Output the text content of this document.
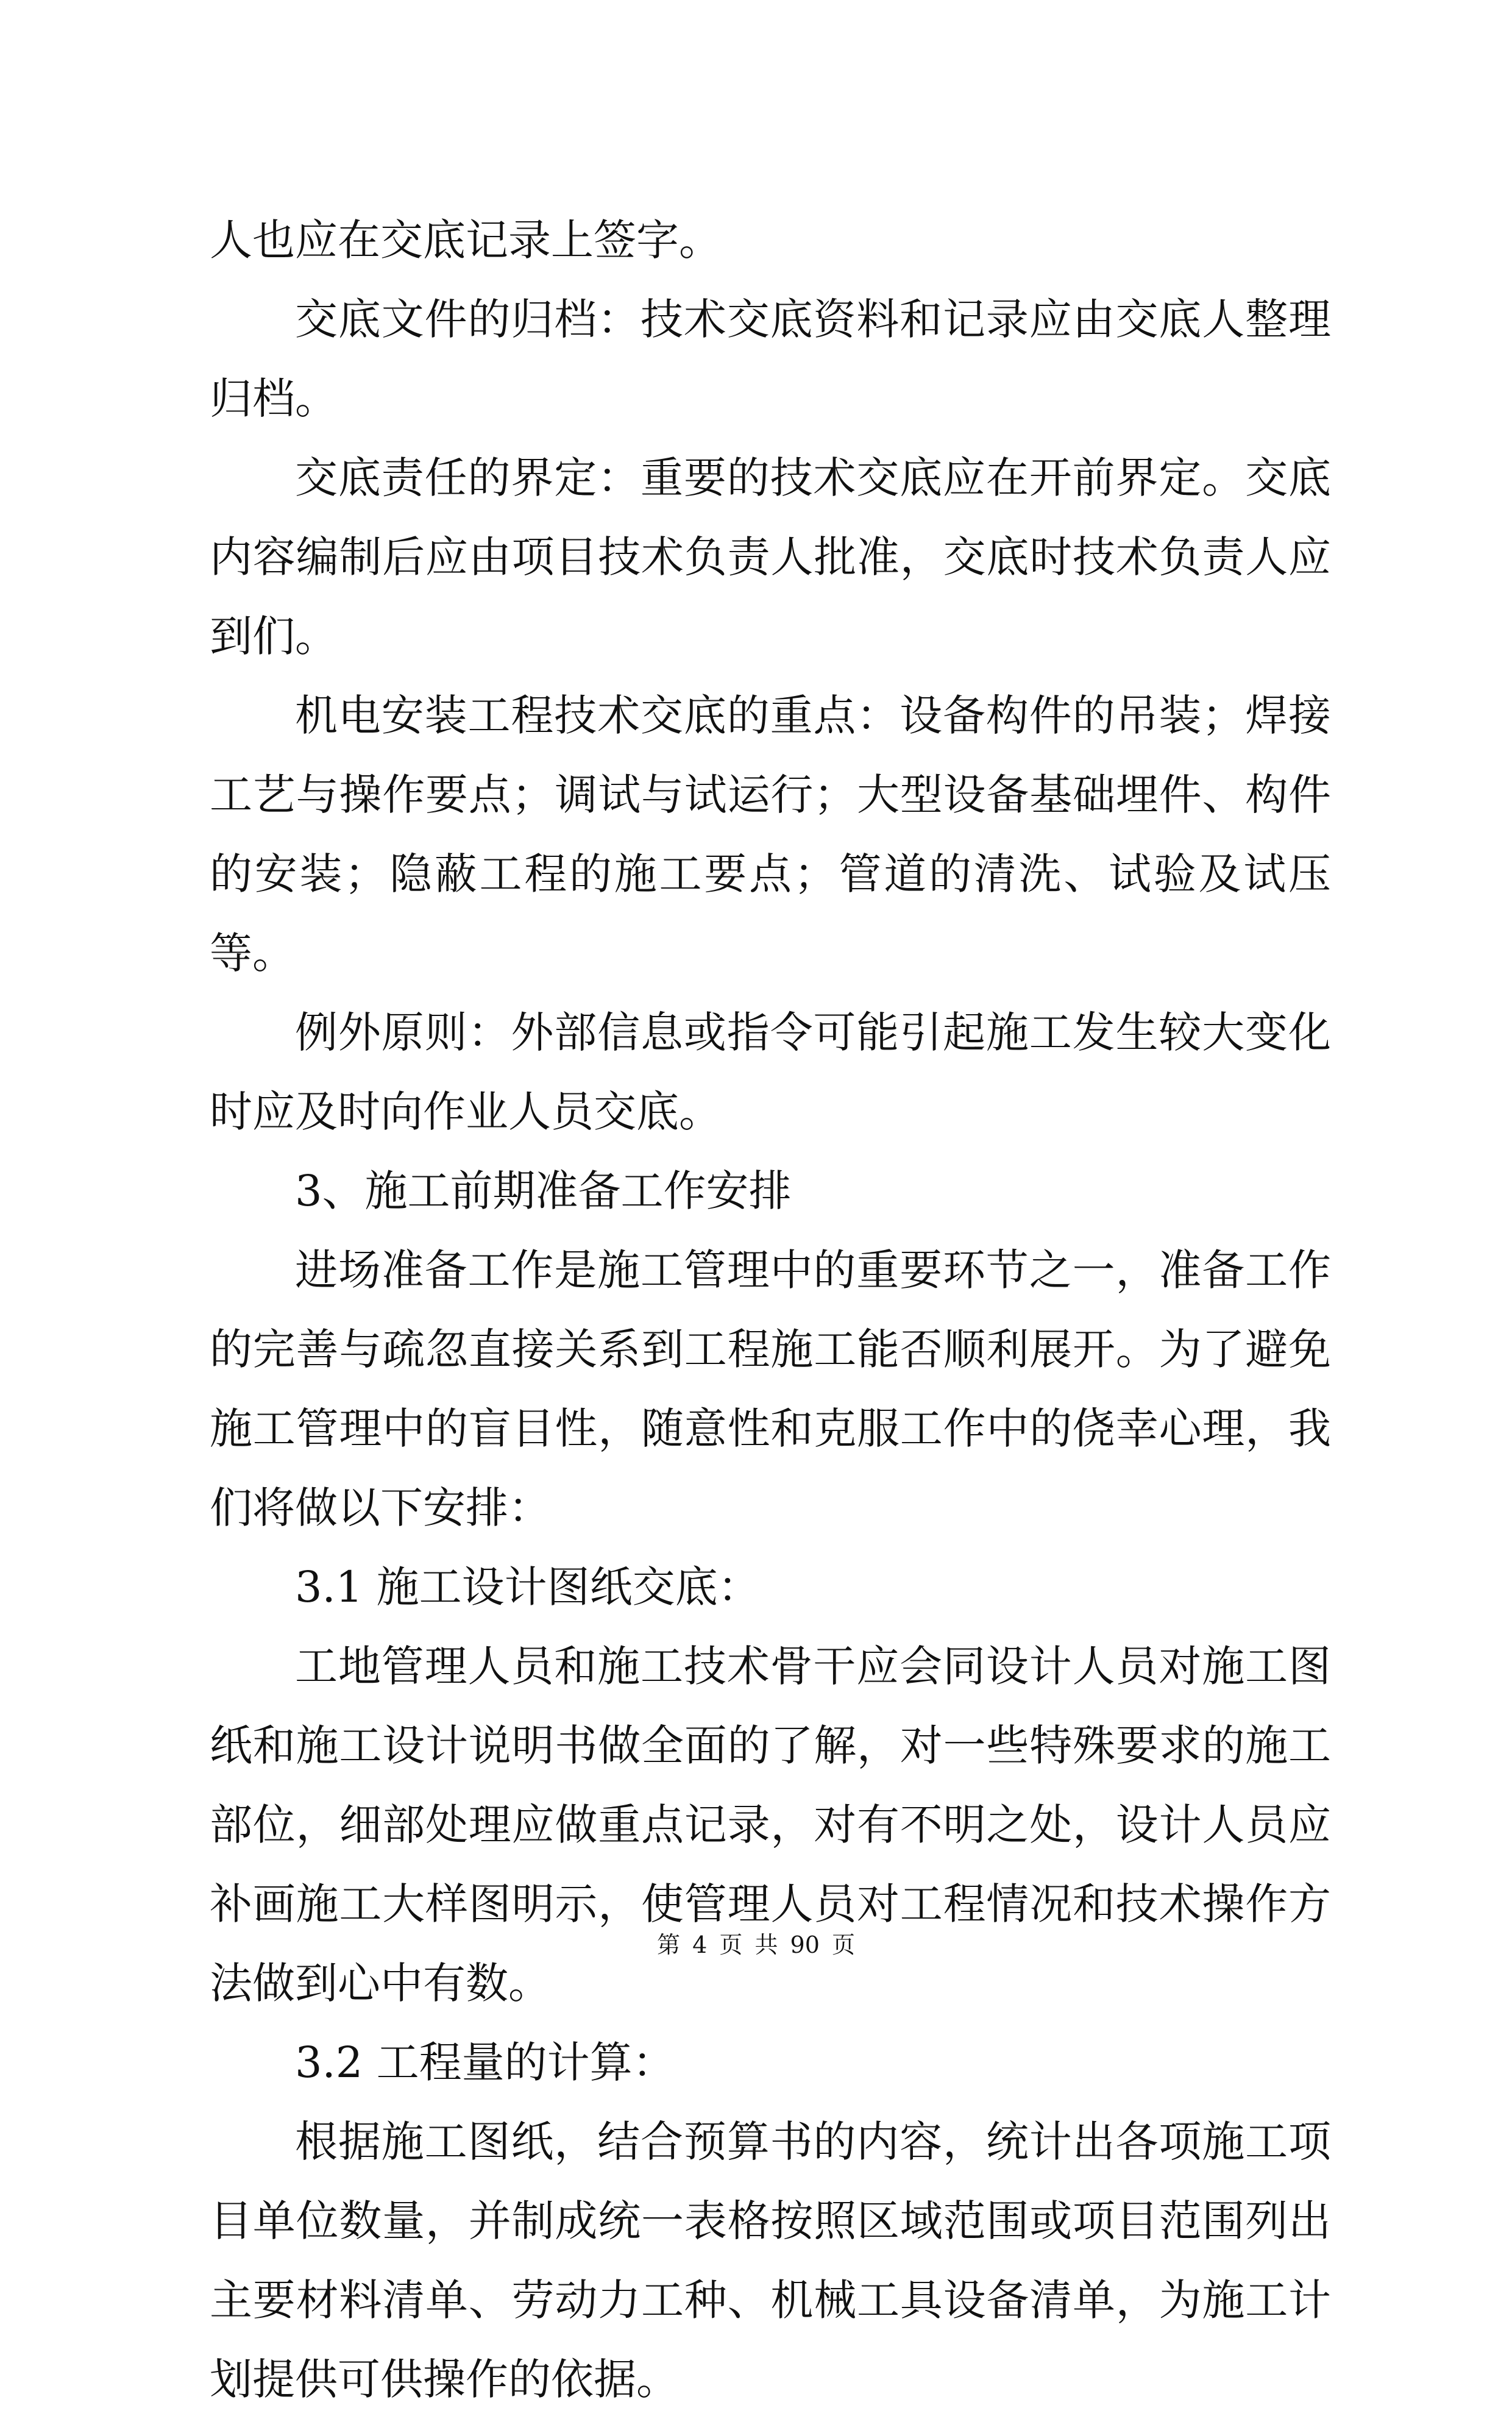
人也应在交底记录上签字。

交底文件的归档：技术交底资料和记录应由交底人整理归档。

交底责任的界定：重要的技术交底应在开前界定。交底内容编制后应由项目技术负责人批准，交底时技术负责人应到们。

机电安装工程技术交底的重点：设备构件的吊装；焊接工艺与操作要点；调试与试运行；大型设备基础埋件、构件的安装；隐蔽工程的施工要点；管道的清洗、试验及试压等。

例外原则：外部信息或指令可能引起施工发生较大变化时应及时向作业人员交底。

3、施工前期准备工作安排

进场准备工作是施工管理中的重要环节之一，准备工作的完善与疏忽直接关系到工程施工能否顺利展开。为了避免施工管理中的盲目性，随意性和克服工作中的侥幸心理，我们将做以下安排：

3.1 施工设计图纸交底：

工地管理人员和施工技术骨干应会同设计人员对施工图纸和施工设计说明书做全面的了解，对一些特殊要求的施工部位，细部处理应做重点记录，对有不明之处，设计人员应补画施工大样图明示，使管理人员对工程情况和技术操作方法做到心中有数。

3.2 工程量的计算：

根据施工图纸，结合预算书的内容，统计出各项施工项目单位数量，并制成统一表格按照区域范围或项目范围列出主要材料清单、劳动力工种、机械工具设备清单，为施工计划提供可供操作的依据。

第 4 页 共 90 页
